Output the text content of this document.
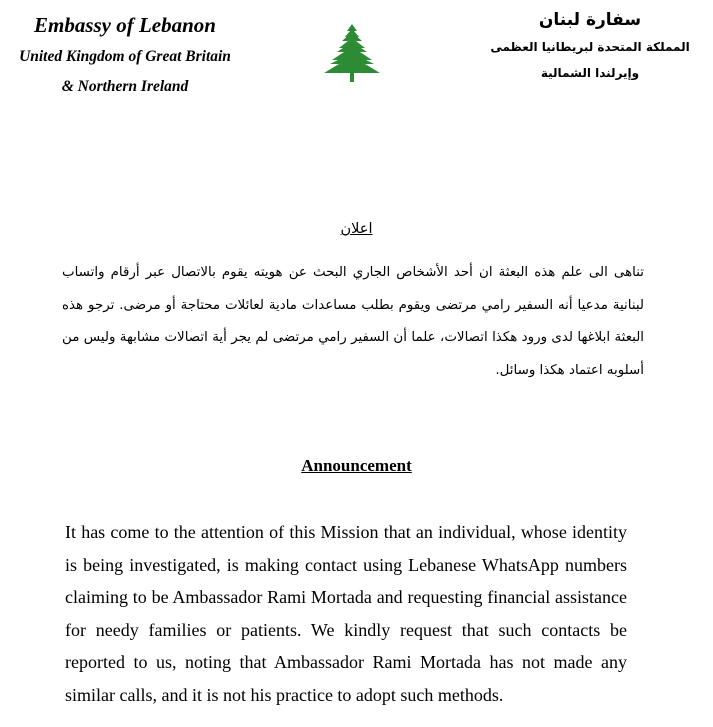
Embassy of Lebanon
United Kingdom of Great Britain
& Northern Ireland
سفارة لبنان
المملكة المتحدة لبريطانيا العظمى
وإيرلندا الشمالية
اعلان
تناهى الى علم هذه البعثة ان أحد الأشخاص الجاري البحث عن هويته يقوم بالاتصال عبر أرقام واتساب لبنانية مدعيا أنه السفير رامي مرتضى ويقوم بطلب مساعدات مادية لعائلات محتاجة أو مرضى. ترجو هذه البعثة ابلاغها لدى ورود هكذا اتصالات، علما أن السفير رامي مرتضى لم يجر أية اتصالات مشابهة وليس من أسلوبه اعتماد هكذا وسائل.
Announcement
It has come to the attention of this Mission that an individual, whose identity is being investigated, is making contact using Lebanese WhatsApp numbers claiming to be Ambassador Rami Mortada and requesting financial assistance for needy families or patients. We kindly request that such contacts be reported to us, noting that Ambassador Rami Mortada has not made any similar calls, and it is not his practice to adopt such methods.
